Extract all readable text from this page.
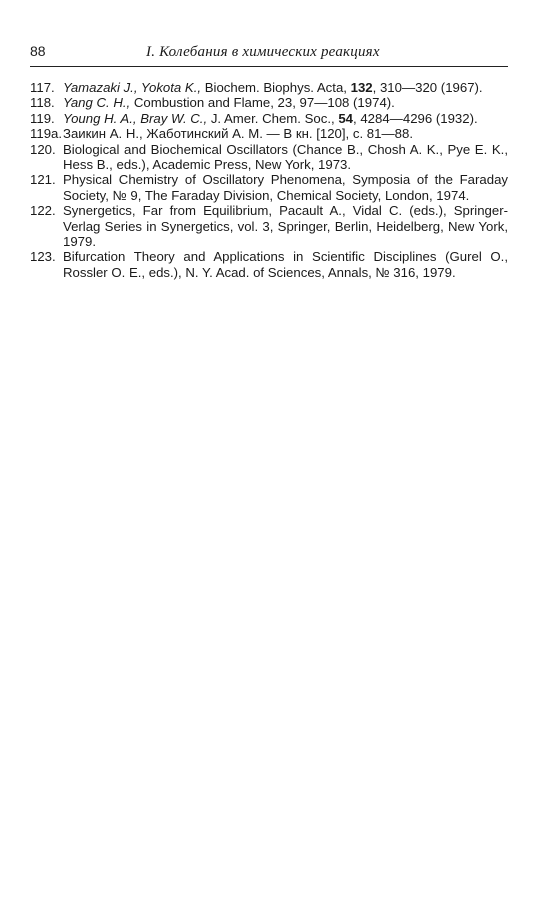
88	I. Колебания в химических реакциях

117. Yamazaki J., Yokota K., Biochem. Biophys. Acta, 132, 310—320 (1967).

118. Yang C. H., Combustion and Flame, 23, 97—108 (1974).

119. Young H. A., Bray W. C., J. Amer. Chem. Soc., 54, 4284—4296 (1932).

119a. Заикин А. Н., Жаботинский А. М. — В кн. [120], с. 81—88.

120. Biological and Biochemical Oscillators (Chance B., Chosh A. K., Pye E. K., Hess B., eds.), Academic Press, New York, 1973.

121. Physical Chemistry of Oscillatory Phenomena, Symposia of the Faraday Society, № 9, The Faraday Division, Chemical Society, London, 1974.

122. Synergetics, Far from Equilibrium, Pacault A., Vidal C. (eds.), Springer-Verlag Series in Synergetics, vol. 3, Springer, Berlin, Heidelberg, New York, 1979.

123. Bifurcation Theory and Applications in Scientific Disciplines (Gurel O., Rossler O. E., eds.), N. Y. Acad. of Sciences, Annals, № 316, 1979.
